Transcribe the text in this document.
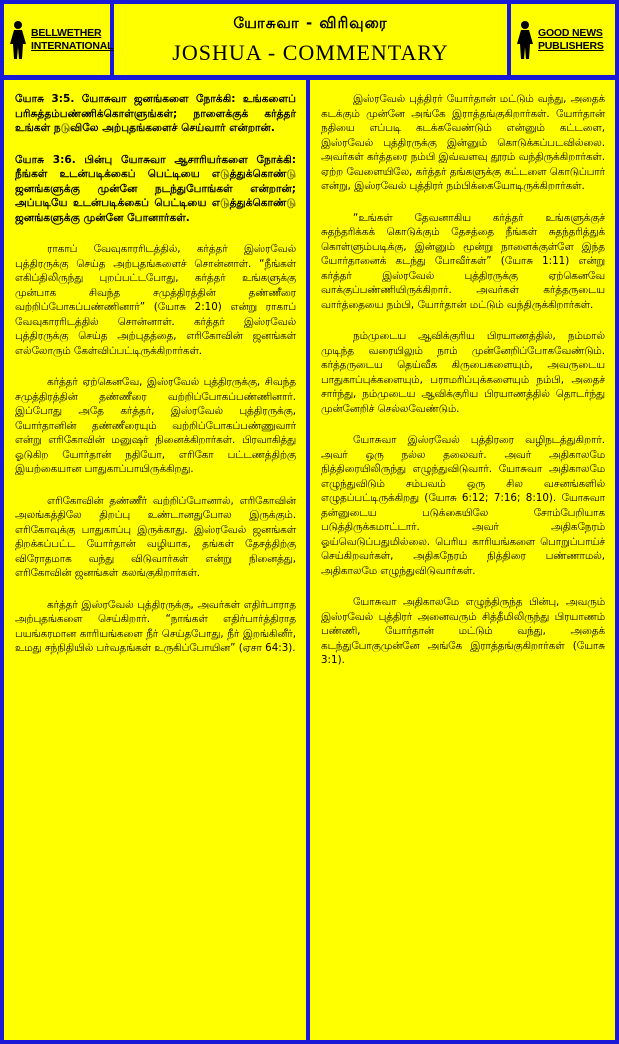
BELLWETHER
INTERNATIONAL
யோசுவா - விரிவுரை
JOSHUA - COMMENTARY
GOOD NEWS
PUBLISHERS

யோசு 3:5. யோசுவா ஜனங்களை நோக்கி: உங்களைப் பரிசுத்தம்பண்ணிக்கொள்ளுங்கள்; நாளைக்குக் கர்த்தர் உங்கள் நடுவிலே அற்புதங்களைச் செய்வார் என்றான்.

யோசு 3:6. பின்பு யோசுவா ஆசாரியர்களை நோக்கி: நீங்கள் உடன்படிக்கைப் பெட்டியை எடுத்துக்கொண்டு ஜனங்களுக்கு முன்னே நடந்துபோங்கள் என்றான்; அப்படியே உடன்படிக்கைப் பெட்டியை எடுத்துக்கொண்டு ஜனங்களுக்கு முன்னே போனார்கள்.

ராகாப் வேவுகாரரிடத்தில், கர்த்தர் இஸ்ரவேல் புத்திரருக்கு செய்த அற்புதங்களைச் சொன்னாள். “நீங்கள் எகிப்திலிருந்து புறப்பட்டபோது, கர்த்தர் உங்களுக்கு முன்பாக சிவந்த சமுத்திரத்தின் தண்ணீரை வற்றிப்போகப்பண்ணினார்” (யோசு 2:10) என்று ராகாப் வேவுகாரரிடத்தில் சொன்னாள். கர்த்தர் இஸ்ரவேல் புத்திரருக்கு செய்த அற்புதத்தை, எரிகோவின் ஜனங்கள் எல்லோரும் கேள்விப்பட்டிருக்கிறார்கள்.

கர்த்தர் ஏற்கெனவே, இஸ்ரவேல் புத்திரருக்கு, சிவந்த சமுத்திரத்தின் தண்ணீரை வற்றிப்போகப்பண்ணினார். இப்போது அதே கர்த்தர், இஸ்ரவேல் புத்திரருக்கு, யோர்தானின் தண்ணீரையும் வற்றிப்போகப்பண்ணுவார் என்று எரிகோவின் மனுஷர் நினைக்கிறார்கள். பிரவாகித்து ஓடுகிற யோர்தான் நதியோ, எரிகோ பட்டணத்திற்கு இயற்கையான பாதுகாப்பாயிருக்கிறது.

எரிகோவின் தண்ணீர் வற்றிப்போனால், எரிகோவின் அலங்கத்திலே திறப்பு உண்டானதுபோல இருக்கும். எரிகோவுக்கு பாதுகாப்பு இருக்காது. இஸ்ரவேல் ஜனங்கள் திறக்கப்பட்ட யோர்தான் வழியாக, தங்கள் தேசத்திற்கு விரோதமாக வந்து விடுவார்கள் என்று நினைத்து, எரிகோவின் ஜனங்கள் கலங்குகிறார்கள்.

கர்த்தர் இஸ்ரவேல் புத்திரருக்கு, அவர்கள் எதிர்பாராத அற்புதங்களை செய்கிறார். “நாங்கள் எதிர்பார்த்திராத பயங்கரமான காரியங்களை நீர் செய்தபோது, நீர் இறங்கினீர், உமது சந்நிதியில் பர்வதங்கள் உருகிப்போயின” (ஏசா 64:3).

இஸ்ரவேல் புத்திரர் யோர்தான் மட்டும் வந்து, அதைக் கடக்கும் முன்னே அங்கே இராத்தங்குகிறார்கள். யோர்தான் நதியை எப்படி கடக்கவேண்டும் என்னும் கட்டளை, இஸ்ரவேல் புத்திரருக்கு இன்னும் கொடுக்கப்படவில்லை. அவர்கள் கர்த்தரை நம்பி இவ்வளவு தூரம் வந்திருக்கிறார்கள். ஏற்ற வேளையிலே, கர்த்தர் தங்களுக்கு கட்டளை கொடுப்பார் என்று, இஸ்ரவேல் புத்திரர் நம்பிக்கையோடிருக்கிறார்கள்.

“உங்கள் தேவனாகிய கர்த்தர் உங்களுக்குச் சுதந்தரிக்கக் கொடுக்கும் தேசத்தை நீங்கள் சுதந்தரித்துக் கொள்ளும்படிக்கு, இன்னும் மூன்று நாளைக்குள்ளே இந்த யோர்தானைக் கடந்து போவீர்கள்” (யோசு 1:11) என்று கர்த்தர் இஸ்ரவேல் புத்திரருக்கு ஏற்கெனவே வாக்குப்பண்ணியிருக்கிறார். அவர்கள் கர்த்தருடைய வார்த்தையை நம்பி, யோர்தான் மட்டும் வந்திருக்கிறார்கள்.

நம்முடைய ஆவிக்குரிய பிரயாணத்தில், நம்மால் முடிந்த வரையிலும் நாம் முன்னேறிப்போகவேண்டும். கர்த்தருடைய தெய்வீக கிருபைகளையும், அவருடைய பாதுகாப்புக்களையும், பராமரிப்புக்களையும் நம்பி, அதைச் சார்ந்து, நம்முடைய ஆவிக்குரிய பிரயாணத்தில் தொடர்ந்து முன்னேறிச் செல்லவேண்டும்.

யோசுவா இஸ்ரவேல் புத்திரரை வழிநடத்துகிறார். அவர் ஒரு நல்ல தலைவர். அவர் அதிகாலமே நித்திரையிலிருந்து எழுந்துவிடுவார். யோசுவா அதிகாலமே எழுந்துவிடும் சம்பவம் ஒரு சில வசனங்களில் எழுதப்பட்டிருக்கிறது (யோசு 6:12; 7:16; 8:10). யோசுவா தன்னுடைய படுக்கையிலே சோம்பேறியாக படுத்திருக்கமாட்டார். அவர் அதிகநேரம் ஓய்வெடுப்பதுமில்லை. பெரிய காரியங்களை பொறுப்பாய்ச் செய்கிறவர்கள், அதிகநேரம் நித்திரை பண்ணாமல், அதிகாலமே எழுந்துவிடுவார்கள்.

யோசுவா அதிகாலமே எழுந்திருந்த பின்பு, அவரும் இஸ்ரவேல் புத்திரர் அனைவரும் சித்தீமிலிருந்து பிரயாணம் பண்ணி, யோர்தான் மட்டும் வந்து, அதைக் கடந்துபோகுமுன்னே அங்கே இராத்தங்குகிறார்கள் (யோசு 3:1).
